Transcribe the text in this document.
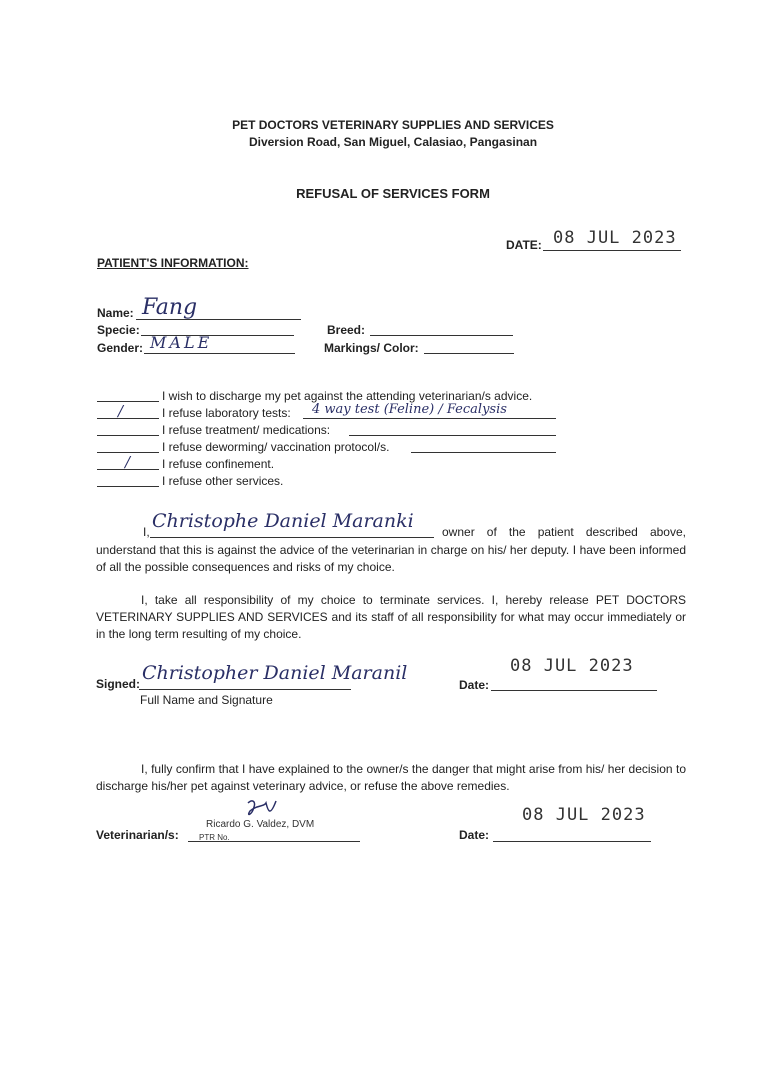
PET DOCTORS VETERINARY SUPPLIES AND SERVICES
Diversion Road, San Miguel, Calasiao, Pangasinan
REFUSAL OF SERVICES FORM
DATE: 08 JUL 2023
PATIENT'S INFORMATION:
Name: Fang
Specie:	Breed:
Gender: MALE	Markings/ Color:
I wish to discharge my pet against the attending veterinarian/s advice.
/	I refuse laboratory tests: 4 way test (Feline) / Fecalysis
I refuse treatment/ medications:
I refuse deworming/ vaccination protocol/s.
/	I refuse confinement.
I refuse other services.
I, Christophe Daniel Maranki owner of the patient described above,
understand that this is against the advice of the veterinarian in charge on his/ her deputy. I have been informed of all the possible consequences and risks of my choice.
I, take all responsibility of my choice to terminate services. I, hereby release PET DOCTORS VETERINARY SUPPLIES AND SERVICES and its staff of all responsibility for what may occur immediately or in the long term resulting of my choice.
Signed: Christopher Daniel Maranil
Full Name and Signature
Date:
08 JUL 2023
I, fully confirm that I have explained to the owner/s the danger that might arise from his/ her decision to discharge his/her pet against veterinary advice, or refuse the above remedies.
Veterinarian/s:
Ricardo G. Valdez, DVM
PTR No.	Date:
08 JUL 2023
